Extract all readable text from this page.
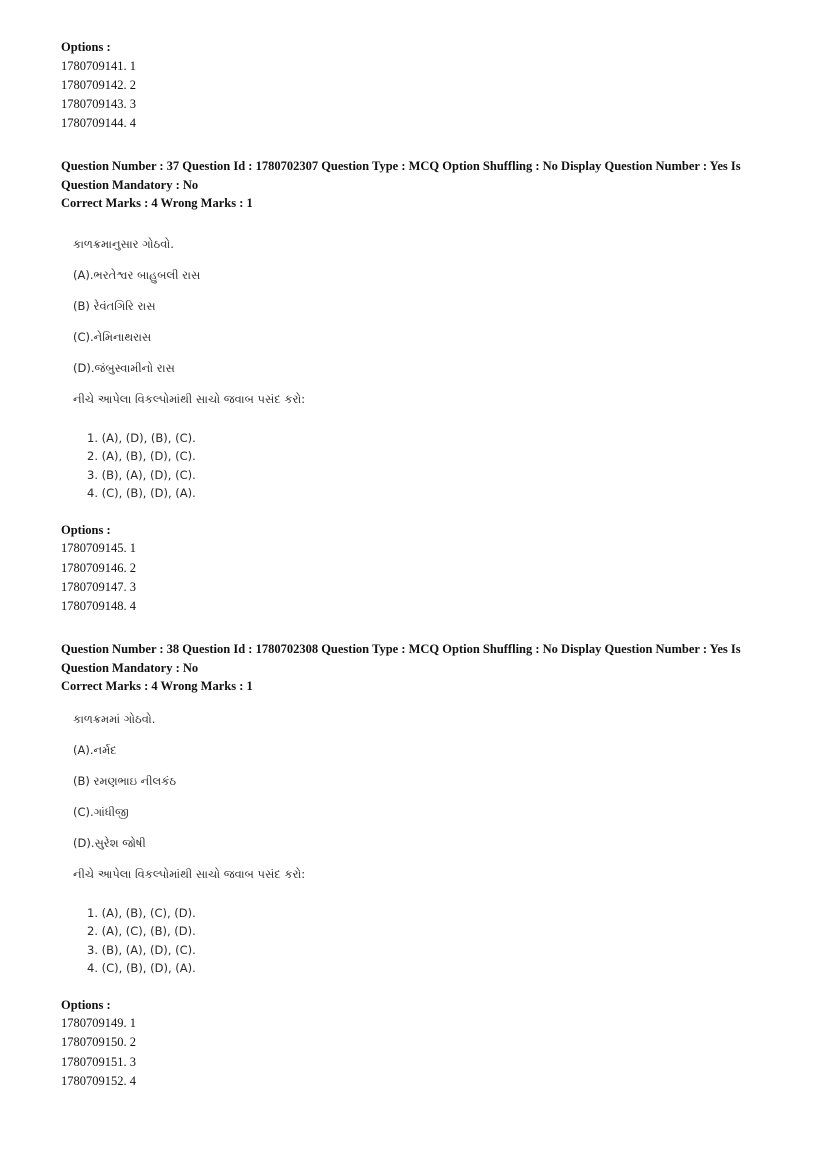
Options :
1780709141. 1
1780709142. 2
1780709143. 3
1780709144. 4
Question Number : 37 Question Id : 1780702307 Question Type : MCQ Option Shuffling : No Display Question Number : Yes Is
Question Mandatory : No
Correct Marks : 4 Wrong Marks : 1
કાળક્રમાનુસાર ગોઠવો.
(A).ભરતેશ્વર બાહુબલી રાસ
(B) રેવંતગિરિ રાસ
(C).નેમિનાથરાસ
(D).જંબુસ્વામીનો રાસ
નીચે આપેલા વિકલ્પોમાંથી સાચો જવાબ પસંદ કરો:
1. (A), (D), (B), (C).
2. (A), (B), (D), (C).
3. (B), (A), (D), (C).
4. (C), (B), (D), (A).
Options :
1780709145. 1
1780709146. 2
1780709147. 3
1780709148. 4
Question Number : 38 Question Id : 1780702308 Question Type : MCQ Option Shuffling : No Display Question Number : Yes Is
Question Mandatory : No
Correct Marks : 4 Wrong Marks : 1
કાળક્રમમાં ગોઠવો.
(A).નર્મદ
(B) રમણભાઇ નીલકંઠ
(C).ગાંધીજી
(D).સુરેશ જોષી
નીચે આપેલા વિકલ્પોમાંથી સાચો જવાબ પસંદ કરો:
1. (A), (B), (C), (D).
2. (A), (C), (B), (D).
3. (B), (A), (D), (C).
4. (C), (B), (D), (A).
Options :
1780709149. 1
1780709150. 2
1780709151. 3
1780709152. 4
